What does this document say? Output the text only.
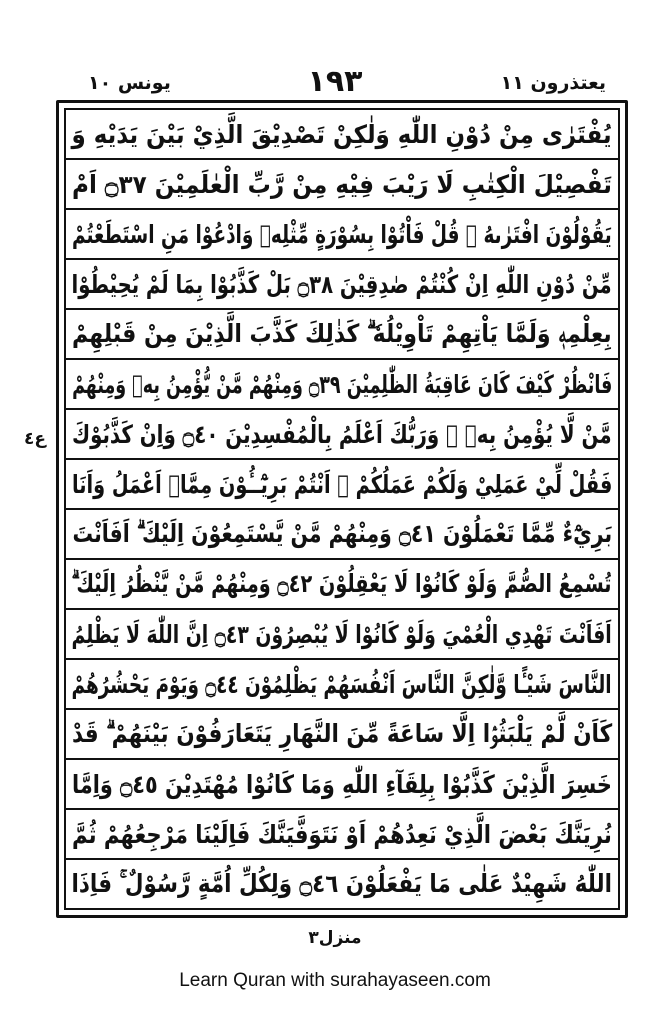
يعتذرون ١١
١٩٣
يونس ١٠
يُفْتَرٰى مِنْ دُوْنِ اللّٰهِ وَلٰكِنْ تَصْدِيْقَ الَّذِيْ بَيْنَ يَدَيْهِ وَ
تَفْصِيْلَ الْكِتٰبِ لَا رَيْبَ فِيْهِ مِنْ رَّبِّ الْعٰلَمِيْنَ ۝٣٧ اَمْ
يَقُوْلُوْنَ افْتَرٰىهُ ۗ قُلْ فَاْتُوْا بِسُوْرَةٍ مِّثْلِهٖ وَادْعُوْا مَنِ اسْتَطَعْتُمْ
مِّنْ دُوْنِ اللّٰهِ اِنْ كُنْتُمْ صٰدِقِيْنَ ۝٣٨ بَلْ كَذَّبُوْا بِمَا لَمْ يُحِيْطُوْا
بِعِلْمِهٖ وَلَمَّا يَاْتِهِمْ تَاْوِيْلُهٗ ۗ كَذٰلِكَ كَذَّبَ الَّذِيْنَ مِنْ قَبْلِهِمْ
فَانْظُرْ كَيْفَ كَانَ عَاقِبَةُ الظّٰلِمِيْنَ ۝٣٩ وَمِنْهُمْ مَّنْ يُّؤْمِنُ بِهٖ وَمِنْهُمْ
مَّنْ لَّا يُؤْمِنُ بِهٖ ۗ وَرَبُّكَ اَعْلَمُ بِالْمُفْسِدِيْنَ ۝٤٠ وَاِنْ كَذَّبُوْكَ
فَقُلْ لِّيْ عَمَلِيْ وَلَكُمْ عَمَلُكُمْ ۚ اَنْتُمْ بَرِيْٓــُٔوْنَ مِمَّاۤ اَعْمَلُ وَاَنَا
بَرِيْٓءٌ مِّمَّا تَعْمَلُوْنَ ۝٤١ وَمِنْهُمْ مَّنْ يَّسْتَمِعُوْنَ اِلَيْكَ ۗ اَفَاَنْتَ
تُسْمِعُ الصُّمَّ وَلَوْ كَانُوْا لَا يَعْقِلُوْنَ ۝٤٢ وَمِنْهُمْ مَّنْ يَّنْظُرُ اِلَيْكَ ۗ
اَفَاَنْتَ تَهْدِي الْعُمْيَ وَلَوْ كَانُوْا لَا يُبْصِرُوْنَ ۝٤٣ اِنَّ اللّٰهَ لَا يَظْلِمُ
النَّاسَ شَيْـًٔا وَّلٰكِنَّ النَّاسَ اَنْفُسَهُمْ يَظْلِمُوْنَ ۝٤٤ وَيَوْمَ يَحْشُرُهُمْ
كَاَنْ لَّمْ يَلْبَثُوْۤا اِلَّا سَاعَةً مِّنَ النَّهَارِ يَتَعَارَفُوْنَ بَيْنَهُمْ ۗ قَدْ
خَسِرَ الَّذِيْنَ كَذَّبُوْا بِلِقَآءِ اللّٰهِ وَمَا كَانُوْا مُهْتَدِيْنَ ۝٤٥ وَاِمَّا
نُرِيَنَّكَ بَعْضَ الَّذِيْ نَعِدُهُمْ اَوْ نَتَوَفَّيَنَّكَ فَاِلَيْنَا مَرْجِعُهُمْ ثُمَّ
اللّٰهُ شَهِيْدٌ عَلٰى مَا يَفْعَلُوْنَ ۝٤٦ وَلِكُلِّ اُمَّةٍ رَّسُوْلٌ ۚ فَاِذَا
ع٤
منزل٣
Learn Quran with surahayaseen.com
